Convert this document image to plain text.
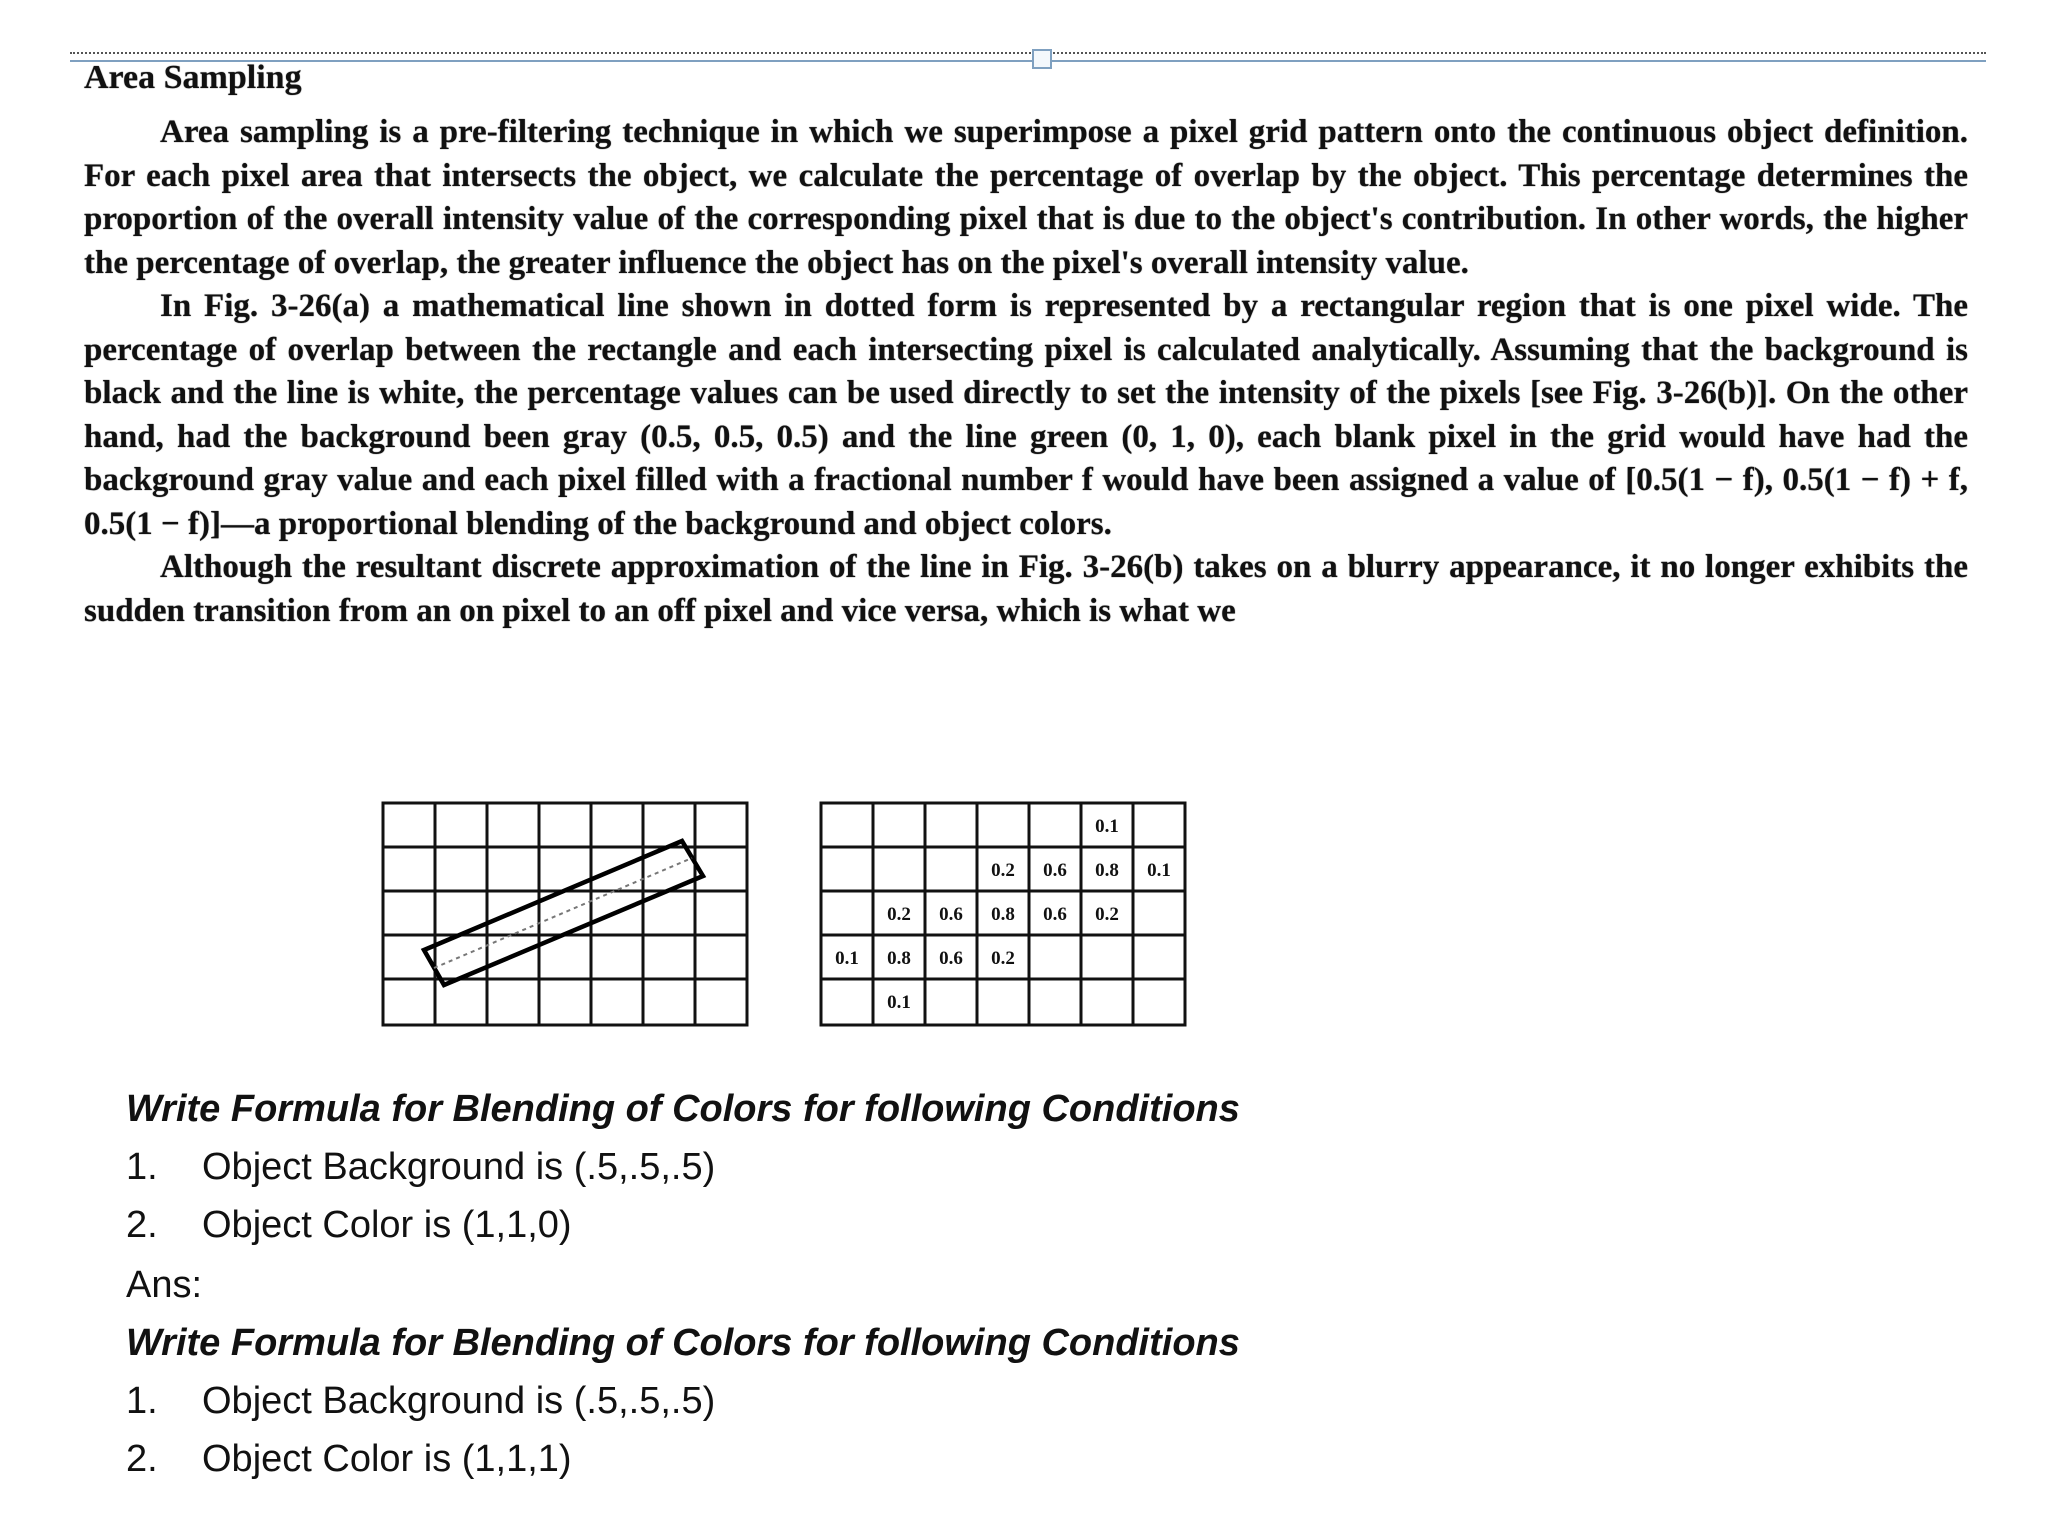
Area Sampling

Area sampling is a pre-filtering technique in which we superimpose a pixel grid pattern onto the continuous object definition. For each pixel area that intersects the object, we calculate the percentage of overlap by the object. This percentage determines the proportion of the overall intensity value of the corresponding pixel that is due to the object's contribution. In other words, the higher the percentage of overlap, the greater influence the object has on the pixel's overall intensity value.

In Fig. 3-26(a) a mathematical line shown in dotted form is represented by a rectangular region that is one pixel wide. The percentage of overlap between the rectangle and each intersecting pixel is calculated analytically. Assuming that the background is black and the line is white, the percentage values can be used directly to set the intensity of the pixels [see Fig. 3-26(b)]. On the other hand, had the background been gray (0.5, 0.5, 0.5) and the line green (0, 1, 0), each blank pixel in the grid would have had the background gray value and each pixel filled with a fractional number f would have been assigned a value of [0.5(1 − f), 0.5(1 − f) + f, 0.5(1 − f)]—a proportional blending of the background and object colors.

Although the resultant discrete approximation of the line in Fig. 3-26(b) takes on a blurry appearance, it no longer exhibits the sudden transition from an on pixel to an off pixel and vice versa, which is what we

0.1
0.2 0.6 0.8 0.1
0.2 0.6 0.8 0.6 0.2
0.1 0.8 0.6 0.2
0.1
Write Formula for Blending of Colors for following Conditions
1. Object Background is (.5,.5,.5)
2. Object Color is (1,1,0)
Ans:
Write Formula for Blending of Colors for following Conditions
1. Object Background is (.5,.5,.5)
2. Object Color is (1,1,1)
